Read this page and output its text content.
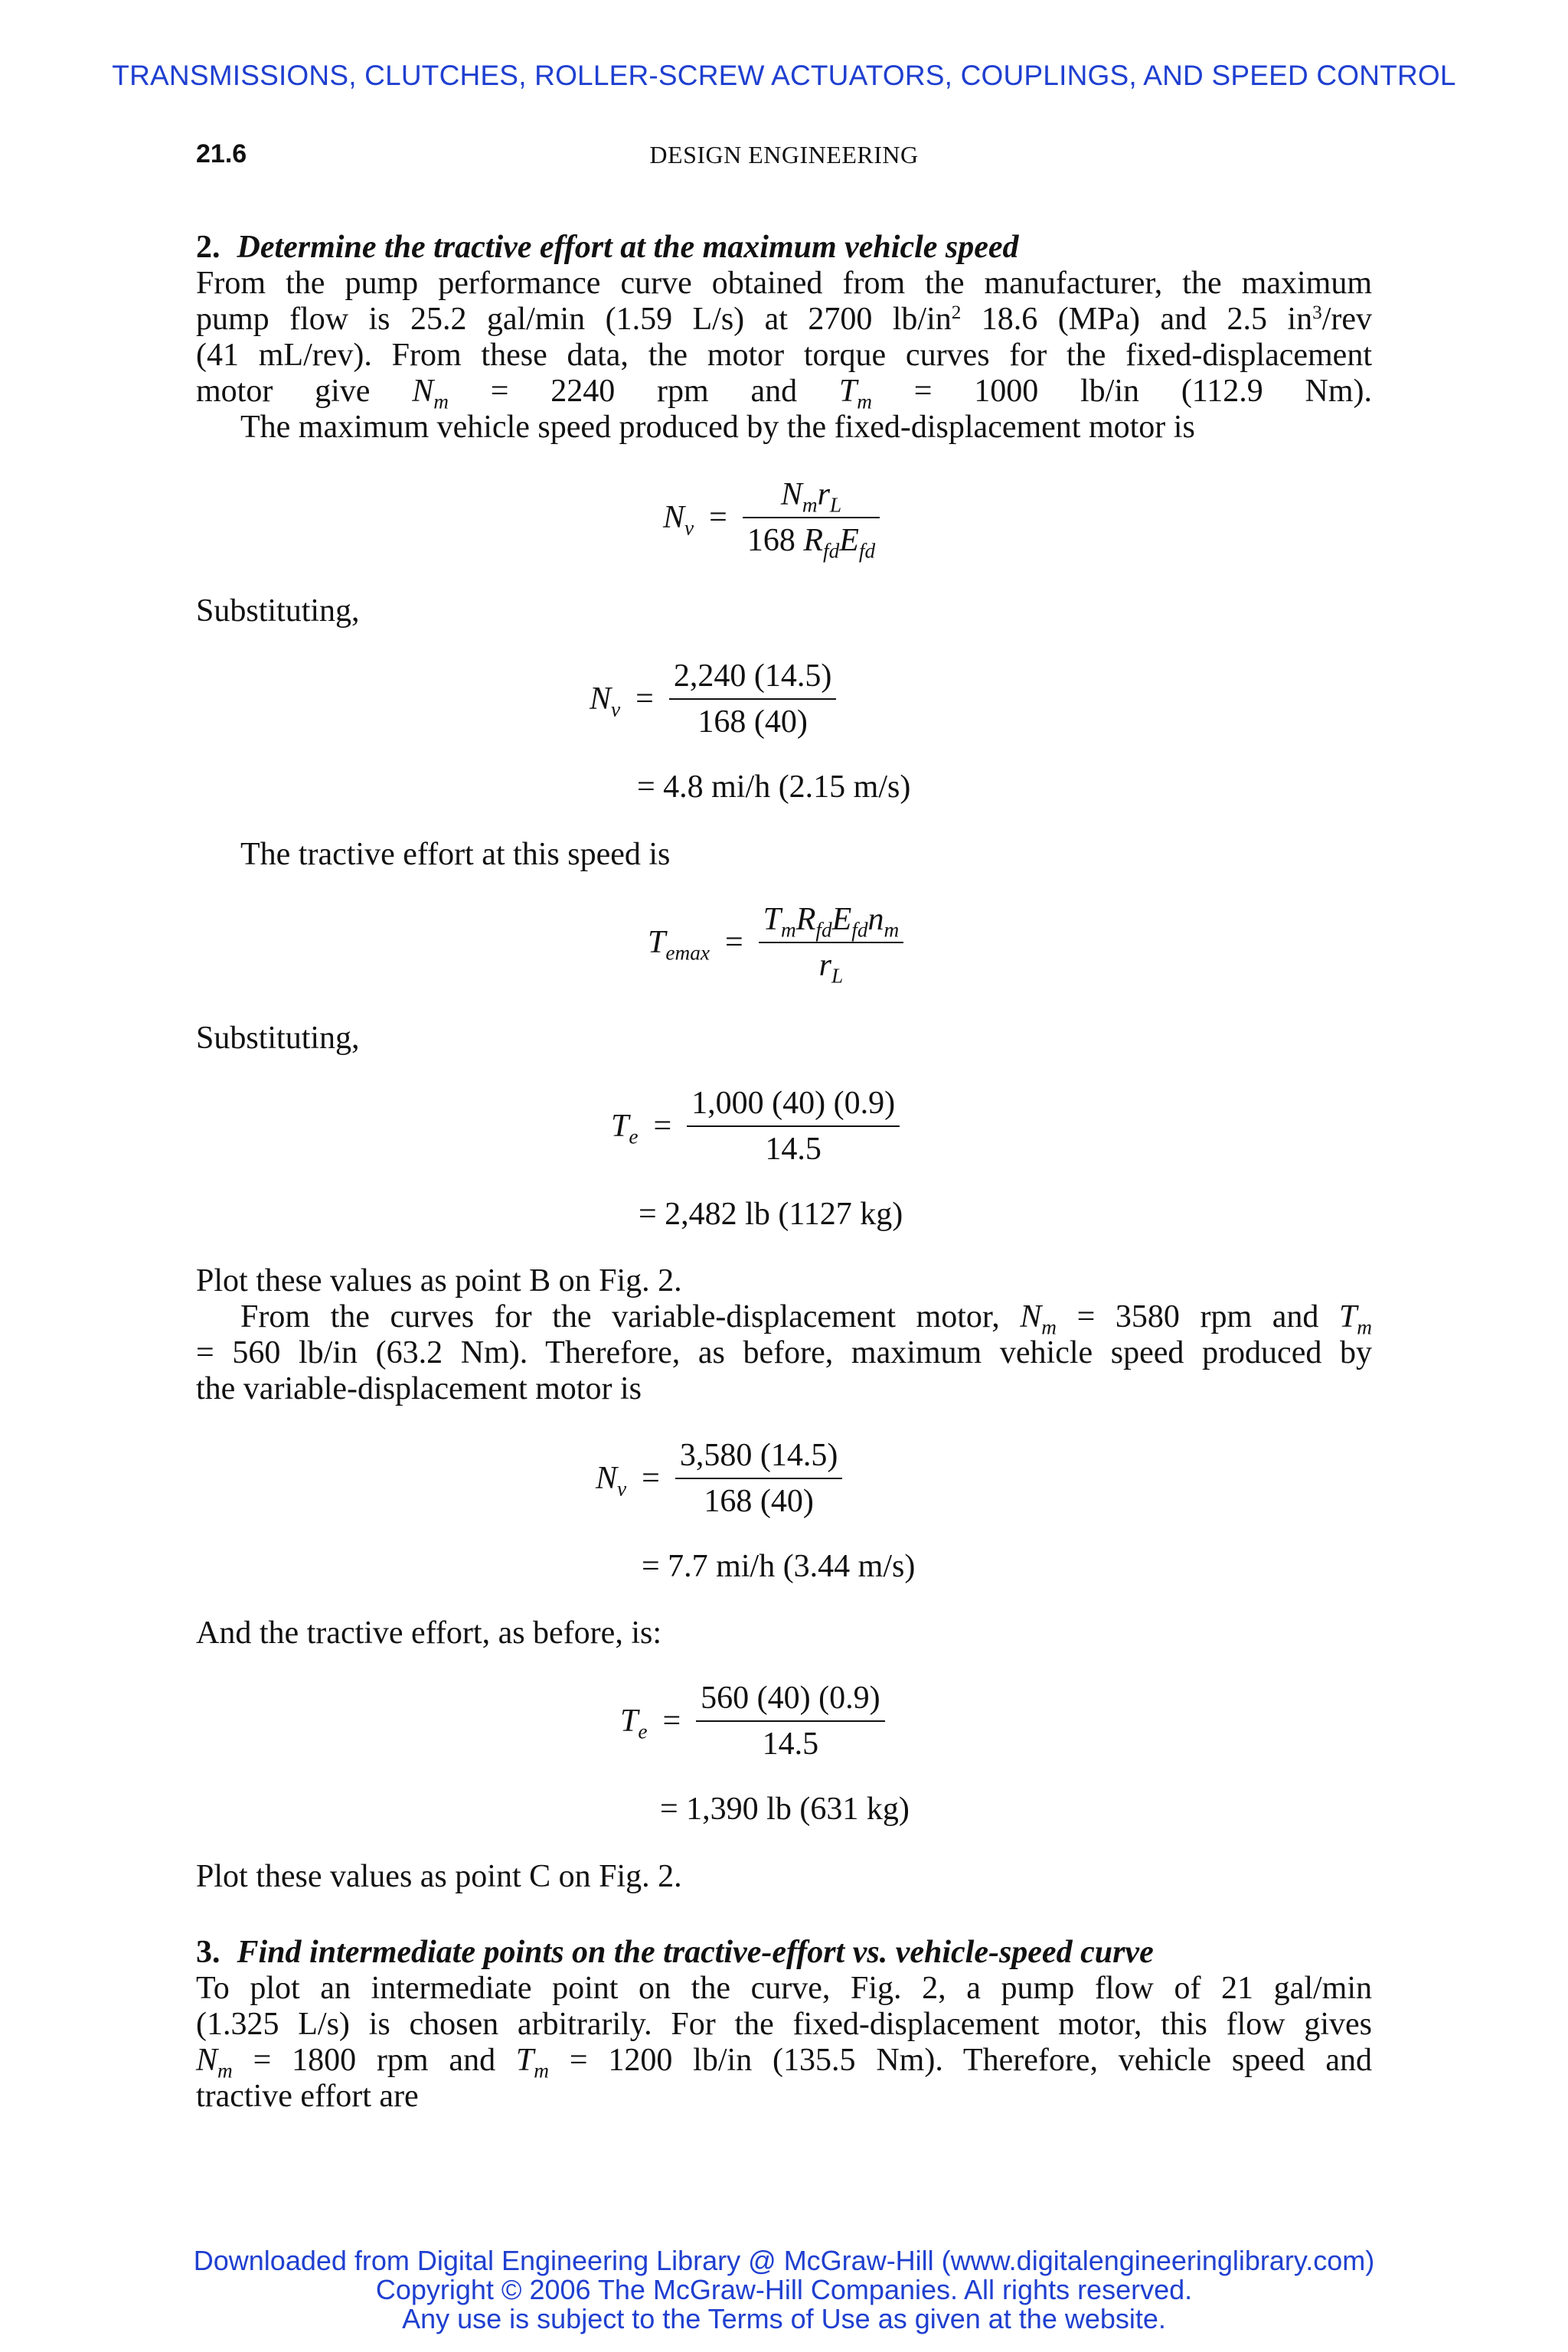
TRANSMISSIONS, CLUTCHES, ROLLER-SCREW ACTUATORS, COUPLINGS, AND SPEED CONTROL
21.6	DESIGN ENGINEERING
2. Determine the tractive effort at the maximum vehicle speed
From the pump performance curve obtained from the manufacturer, the maximum
pump flow is 25.2 gal/min (1.59 L/s) at 2700 $lb/in^2$ 18.6 (MPa) and 2.5 $in^3$/rev
(41 mL/rev). From these data, the motor torque curves for the fixed-displacement
motor give $N_m = 2240$ rpm and $T_m = 1000$ lb/in (112.9 Nm).
The maximum vehicle speed produced by the fixed-displacement motor is
$N_v = \frac{N_mr_L}{168 R_{fd}E_{fd}}$
Substituting,
$N_v = \frac{2,240 (14.5)}{168 (40)}$
= 4.8 mi/h (2.15 m/s)
The tractive effort at this speed is
$T_{emax} = \frac{T_mR_{fd}E_{fd}n_m}{r_L}$
Substituting,
$T_e = \frac{1,000 (40) (0.9)}{14.5}$
= 2,482 lb (1127 kg)
Plot these values as point B on Fig. 2.
From the curves for the variable-displacement motor, $N_m = 3580$ rpm and $T_m$
= 560 lb/in (63.2 Nm). Therefore, as before, maximum vehicle speed produced by
the variable-displacement motor is
$N_v = \frac{3,580 (14.5)}{168 (40)}$
= 7.7 mi/h (3.44 m/s)
And the tractive effort, as before, is:
$T_e = \frac{560 (40) (0.9)}{14.5}$
= 1,390 lb (631 kg)
Plot these values as point C on Fig. 2.
3. Find intermediate points on the tractive-effort vs. vehicle-speed curve
To plot an intermediate point on the curve, Fig. 2, a pump flow of 21 gal/min
(1.325 L/s) is chosen arbitrarily. For the fixed-displacement motor, this flow gives
$N_m = 1800$ rpm and $T_m = 1200$ lb/in (135.5 Nm). Therefore, vehicle speed and
tractive effort are
Downloaded from Digital Engineering Library @ McGraw-Hill (www.digitalengineeringlibrary.com)
Copyright © 2006 The McGraw-Hill Companies. All rights reserved.
Any use is subject to the Terms of Use as given at the website.
